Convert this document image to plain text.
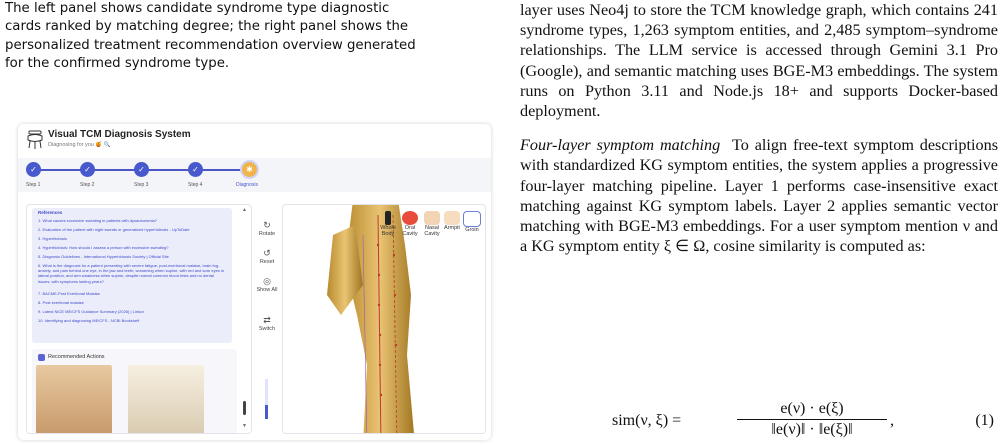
The left panel shows candidate syndrome type diagnostic
cards ranked by matching degree; the right panel shows the
personalized treatment recommendation overview generated
for the confirmed syndrome type.
Visual TCM Diagnosis System
Diagnosing for you 🍯 🔍
✓	✓	✓	✓	✱
Step 1	Step 2	Step 3	Step 4	Diagnosis
References
1. What causes excessive sweating in patients with dysautonomia?
2. Evaluation of the patient with night sweats or generalized hyperhidrosis - UpToDate
3. Hyperhidrosis
4. Hyperhidrosis: How should I assess a person with excessive sweating?
5. Diagnosis Guidelines - International Hyperhidrosis Society | Official Site
6. What is the diagnosis for a patient presenting with severe fatigue, post-exertional malaise, brain fog, anxiety, and pain behind one eye, in the jaw and teeth, worsening when supine, with red and sore eyes in lateral position, and arm weakness when supine, despite normal common blood tests and no dental issues, with symptoms lasting years?
7. BACME-Post Exertional Malaise
8. Post exertional malaise
9. Latest NICE ME/CFS Guidance Summary (2026) | Linkcx
10. Identifying and diagnosing ME/CFS - NCBI Bookshelf
Recommended Actions
▲
▼
↻
Rotate
↺
Reset
◎
Show All
⇄
Switch
Whole Body
Oral Cavity
Nasal Cavity
Armpit Groin

layer uses Neo4j to store the TCM knowledge graph, which contains 241 syndrome types, 1,263 symptom entities, and 2,485 symptom–syndrome relationships. The LLM service is accessed through Gemini 3.1 Pro (Google), and semantic matching uses BGE-M3 embeddings. The system runs on Python 3.11 and Node.js 18+ and supports Docker-based deployment.

Four-layer symptom matching To align free-text symptom descriptions with standardized KG symptom entities, the system applies a progressive four-layer matching pipeline. Layer 1 performs case-insensitive exact matching against KG symptom labels. Layer 2 applies semantic vector matching with BGE-M3 embeddings. For a user symptom mention ν and a KG symptom entity ξ ∈ Ω, cosine similarity is computed as:

sim(ν, ξ) =	$\frac{e(\nu) \cdot e(\xi)}{‖e(\nu)‖ \cdot ‖e(\xi)‖}$ ,	(1)
